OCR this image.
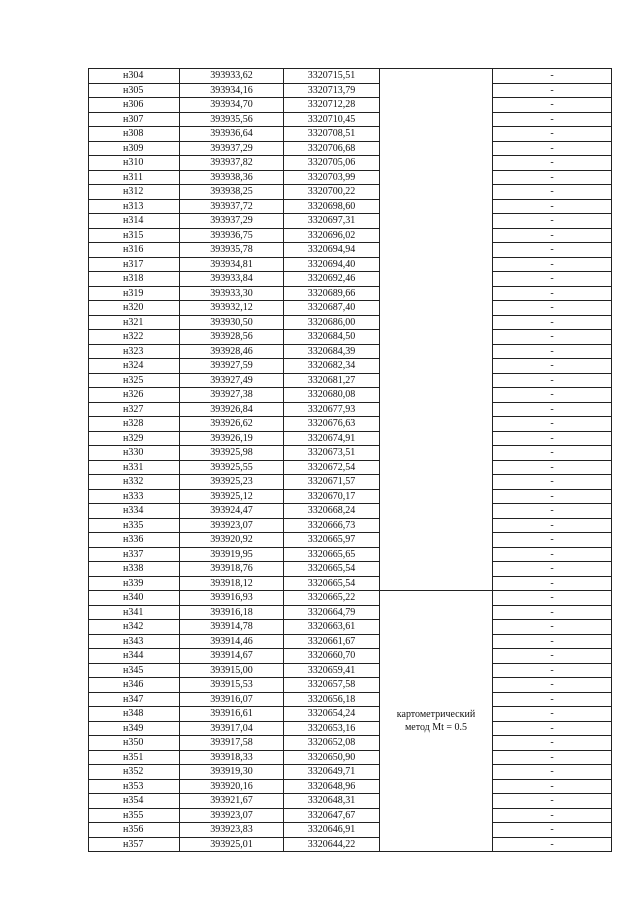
н304	393933,62	3320715,51		-
н305	393934,16	3320713,79		-
н306	393934,70	3320712,28		-
н307	393935,56	3320710,45		-
н308	393936,64	3320708,51		-
н309	393937,29	3320706,68		-
н310	393937,82	3320705,06		-
н311	393938,36	3320703,99		-
н312	393938,25	3320700,22		-
н313	393937,72	3320698,60		-
н314	393937,29	3320697,31		-
н315	393936,75	3320696,02		-
н316	393935,78	3320694,94		-
н317	393934,81	3320694,40		-
н318	393933,84	3320692,46		-
н319	393933,30	3320689,66		-
н320	393932,12	3320687,40		-
н321	393930,50	3320686,00		-
н322	393928,56	3320684,50		-
н323	393928,46	3320684,39		-
н324	393927,59	3320682,34		-
н325	393927,49	3320681,27		-
н326	393927,38	3320680,08		-
н327	393926,84	3320677,93		-
н328	393926,62	3320676,63		-
н329	393926,19	3320674,91		-
н330	393925,98	3320673,51		-
н331	393925,55	3320672,54		-
н332	393925,23	3320671,57		-
н333	393925,12	3320670,17		-
н334	393924,47	3320668,24		-
н335	393923,07	3320666,73		-
н336	393920,92	3320665,97		-
н337	393919,95	3320665,65		-
н338	393918,76	3320665,54		-
н339	393918,12	3320665,54		-
н340	393916,93	3320665,22	картометрический
метод Mt = 0.5	-
н341	393916,18	3320664,79		-
н342	393914,78	3320663,61		-
н343	393914,46	3320661,67		-
н344	393914,67	3320660,70		-
н345	393915,00	3320659,41		-
н346	393915,53	3320657,58		-
н347	393916,07	3320656,18		-
н348	393916,61	3320654,24		-
н349	393917,04	3320653,16		-
н350	393917,58	3320652,08		-
н351	393918,33	3320650,90		-
н352	393919,30	3320649,71		-
н353	393920,16	3320648,96		-
н354	393921,67	3320648,31		-
н355	393923,07	3320647,67		-
н356	393923,83	3320646,91		-
н357	393925,01	3320644,22		-
